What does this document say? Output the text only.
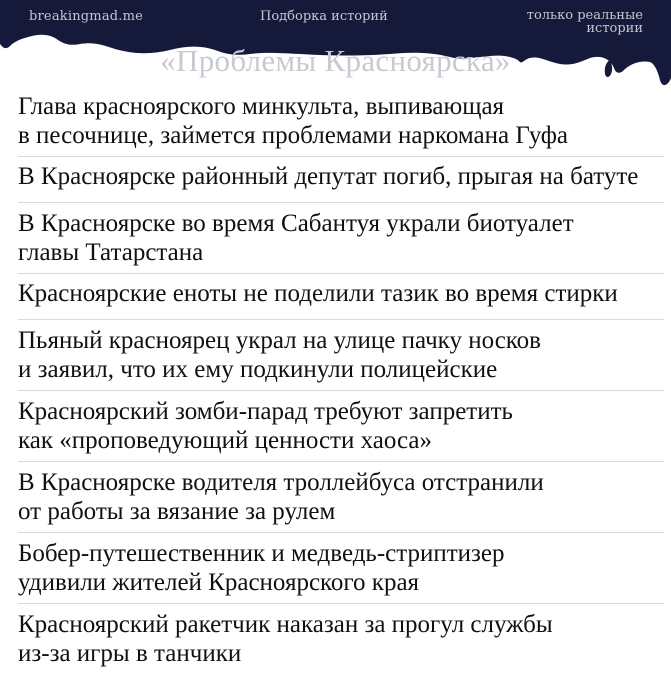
breakingmad.me	Подборка историй	только реальные истории
«Проблемы Красноярска»
Глава красноярского минкульта, выпивающая
в песочнице, займется проблемами наркомана Гуфа
В Красноярске районный депутат погиб, прыгая на батуте
В Красноярске во время Сабантуя украли биотуалет
главы Татарстана
Красноярские еноты не поделили тазик во время стирки
Пьяный красноярец украл на улице пачку носков
и заявил, что их ему подкинули полицейские
Красноярский зомби-парад требуют запретить
как «проповедующий ценности хаоса»
В Красноярске водителя троллейбуса отстранили
от работы за вязание за рулем
Бобер-путешественник и медведь-стриптизер
удивили жителей Красноярского края
Красноярский ракетчик наказан за прогул службы
из-за игры в танчики
